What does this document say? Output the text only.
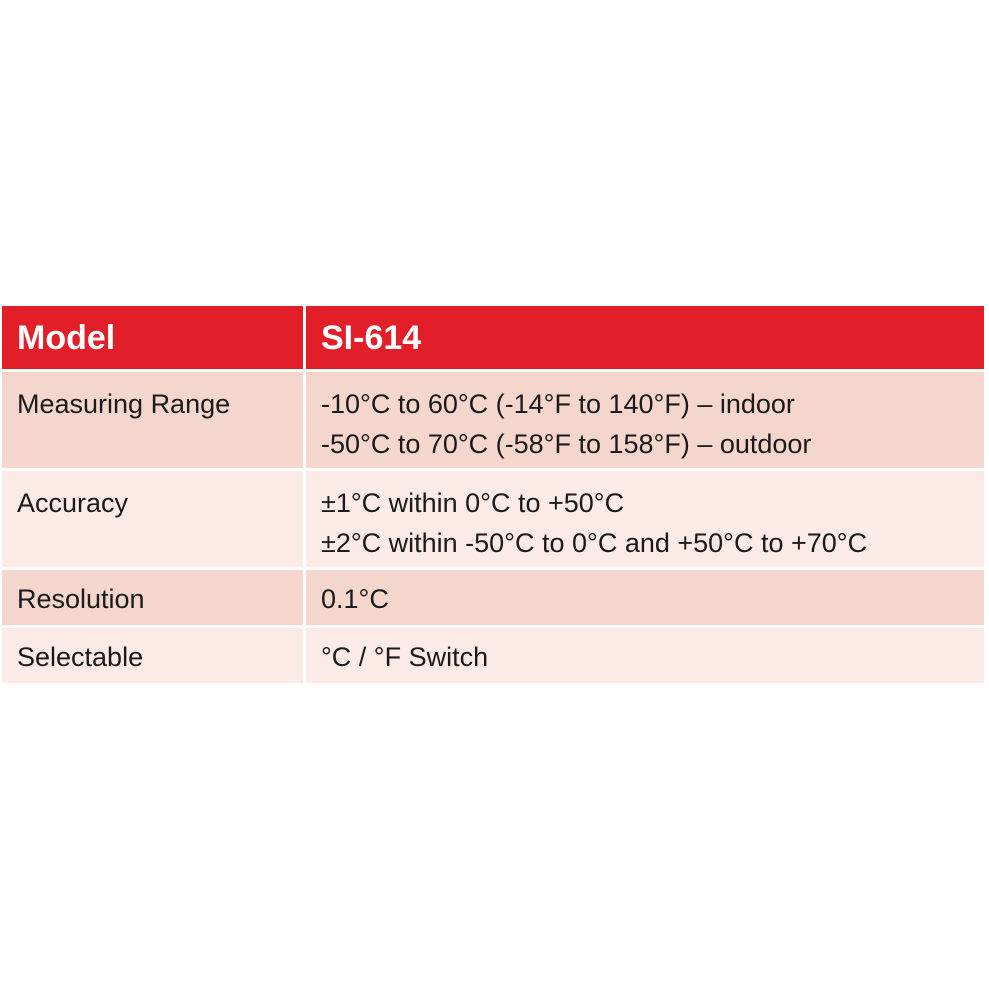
Model	SI-614
Measuring Range	-10°C to 60°C (-14°F to 140°F) – indoor
-50°C to 70°C (-58°F to 158°F) – outdoor

Accuracy	±1°C within 0°C to +50°C
±2°C within -50°C to 0°C and +50°C to +70°C

Resolution	0.1°C

Selectable	°C / °F Switch
